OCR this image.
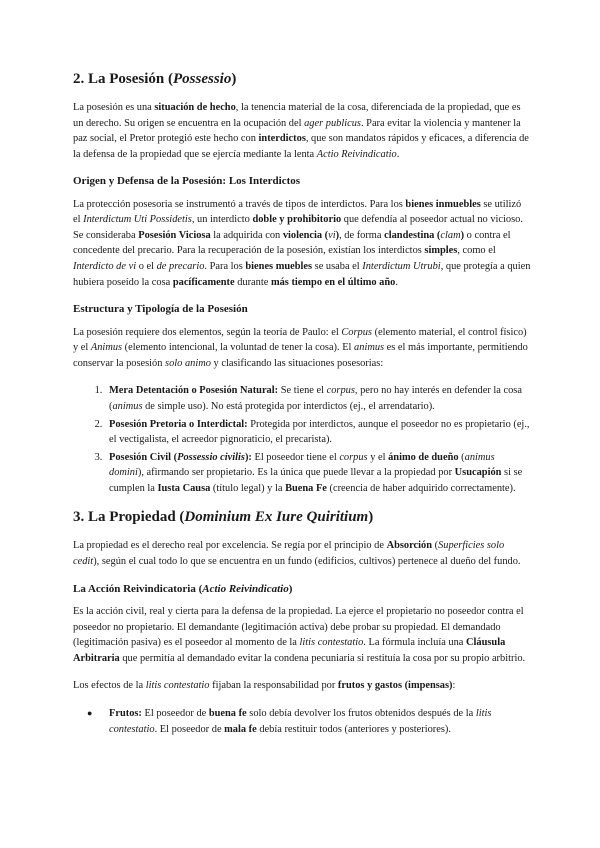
2. La Posesión (Possessio)

La posesión es una situación de hecho, la tenencia material de la cosa, diferenciada de la propiedad, que es un derecho. Su origen se encuentra en la ocupación del ager publicus. Para evitar la violencia y mantener la paz social, el Pretor protegió este hecho con interdictos, que son mandatos rápidos y eficaces, a diferencia de la defensa de la propiedad que se ejercía mediante la lenta Actio Reivindicatio.

Origen y Defensa de la Posesión: Los Interdictos

La protección posesoria se instrumentó a través de tipos de interdictos. Para los bienes inmuebles se utilizó el Interdictum Uti Possidetis, un interdicto doble y prohibitorio que defendía al poseedor actual no vicioso. Se consideraba Posesión Viciosa la adquirida con violencia (vi), de forma clandestina (clam) o contra el concedente del precario. Para la recuperación de la posesión, existían los interdictos simples, como el Interdicto de vi o el de precario. Para los bienes muebles se usaba el Interdictum Utrubi, que protegía a quien hubiera poseído la cosa pacíficamente durante más tiempo en el último año.

Estructura y Tipología de la Posesión

La posesión requiere dos elementos, según la teoría de Paulo: el Corpus (elemento material, el control físico) y el Animus (elemento intencional, la voluntad de tener la cosa). El animus es el más importante, permitiendo conservar la posesión solo animo y clasificando las situaciones posesorias:

1. Mera Detentación o Posesión Natural: Se tiene el corpus, pero no hay interés en defender la cosa (animus de simple uso). No está protegida por interdictos (ej., el arrendatario).
2. Posesión Pretoria o Interdictal: Protegida por interdictos, aunque el poseedor no es propietario (ej., el vectigalista, el acreedor pignoraticio, el precarista).
3. Posesión Civil (Possessio civilis): El poseedor tiene el corpus y el ánimo de dueño (animus domini), afirmando ser propietario. Es la única que puede llevar a la propiedad por Usucapión si se cumplen la Iusta Causa (título legal) y la Buena Fe (creencia de haber adquirido correctamente).
3. La Propiedad (Dominium Ex Iure Quiritium)

La propiedad es el derecho real por excelencia. Se regía por el principio de Absorción (Superficies solo cedit), según el cual todo lo que se encuentra en un fundo (edificios, cultivos) pertenece al dueño del fundo.

La Acción Reivindicatoria (Actio Reivindicatio)

Es la acción civil, real y cierta para la defensa de la propiedad. La ejerce el propietario no poseedor contra el poseedor no propietario. El demandante (legitimación activa) debe probar su propiedad. El demandado (legitimación pasiva) es el poseedor al momento de la litis contestatio. La fórmula incluía una Cláusula Arbitraria que permitía al demandado evitar la condena pecuniaria si restituía la cosa por su propio arbitrio.

Los efectos de la litis contestatio fijaban la responsabilidad por frutos y gastos (impensas):

● Frutos: El poseedor de buena fe solo debía devolver los frutos obtenidos después de la litis contestatio. El poseedor de mala fe debía restituir todos (anteriores y posteriores).
